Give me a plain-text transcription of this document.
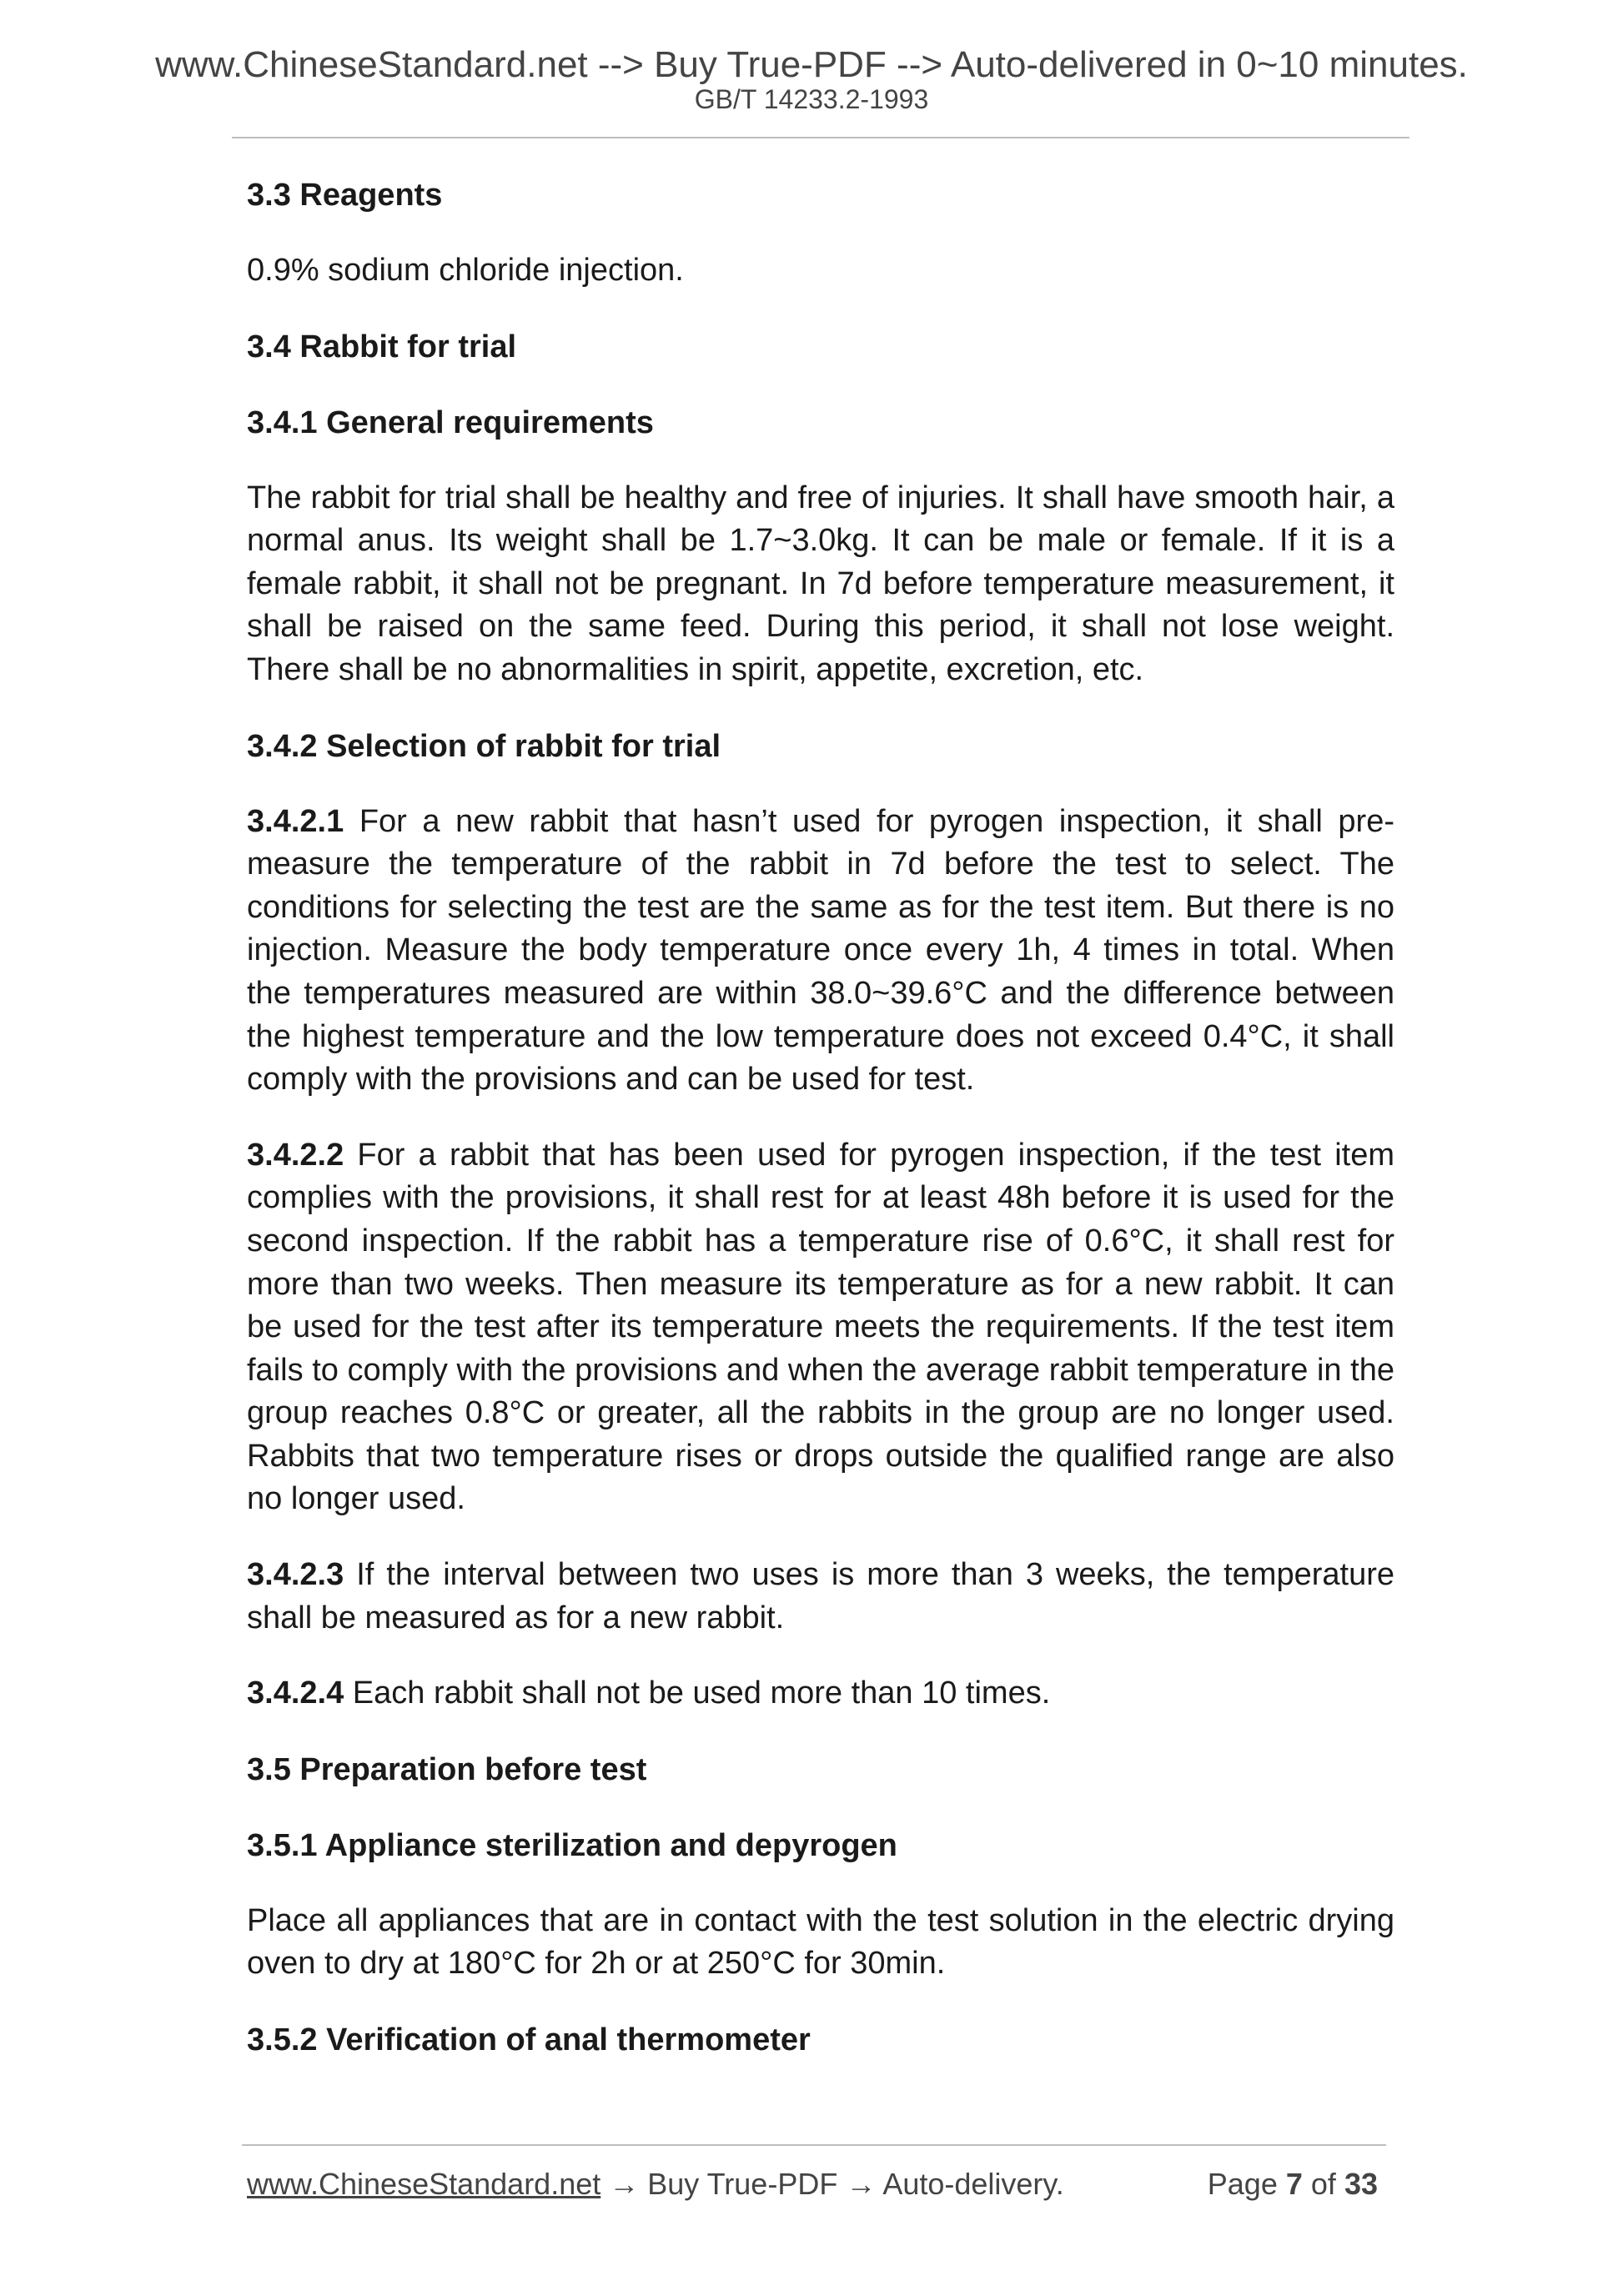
www.ChineseStandard.net --> Buy True-PDF --> Auto-delivered in 0~10 minutes.
GB/T 14233.2-1993
3.3 Reagents
0.9% sodium chloride injection.
3.4 Rabbit for trial
3.4.1 General requirements
The rabbit for trial shall be healthy and free of injuries. It shall have smooth hair, a normal anus. Its weight shall be 1.7~3.0kg. It can be male or female. If it is a female rabbit, it shall not be pregnant. In 7d before temperature measurement, it shall be raised on the same feed. During this period, it shall not lose weight. There shall be no abnormalities in spirit, appetite, excretion, etc.
3.4.2 Selection of rabbit for trial
3.4.2.1 For a new rabbit that hasn’t used for pyrogen inspection, it shall pre-measure the temperature of the rabbit in 7d before the test to select. The conditions for selecting the test are the same as for the test item. But there is no injection. Measure the body temperature once every 1h, 4 times in total. When the temperatures measured are within 38.0~39.6°C and the difference between the highest temperature and the low temperature does not exceed 0.4°C, it shall comply with the provisions and can be used for test.
3.4.2.2 For a rabbit that has been used for pyrogen inspection, if the test item complies with the provisions, it shall rest for at least 48h before it is used for the second inspection. If the rabbit has a temperature rise of 0.6°C, it shall rest for more than two weeks. Then measure its temperature as for a new rabbit. It can be used for the test after its temperature meets the requirements. If the test item fails to comply with the provisions and when the average rabbit temperature in the group reaches 0.8°C or greater, all the rabbits in the group are no longer used. Rabbits that two temperature rises or drops outside the qualified range are also no longer used.
3.4.2.3 If the interval between two uses is more than 3 weeks, the temperature shall be measured as for a new rabbit.
3.4.2.4 Each rabbit shall not be used more than 10 times.
3.5 Preparation before test
3.5.1 Appliance sterilization and depyrogen
Place all appliances that are in contact with the test solution in the electric drying oven to dry at 180°C for 2h or at 250°C for 30min.
3.5.2 Verification of anal thermometer
www.ChineseStandard.net → Buy True-PDF → Auto-delivery.	Page 7 of 33
